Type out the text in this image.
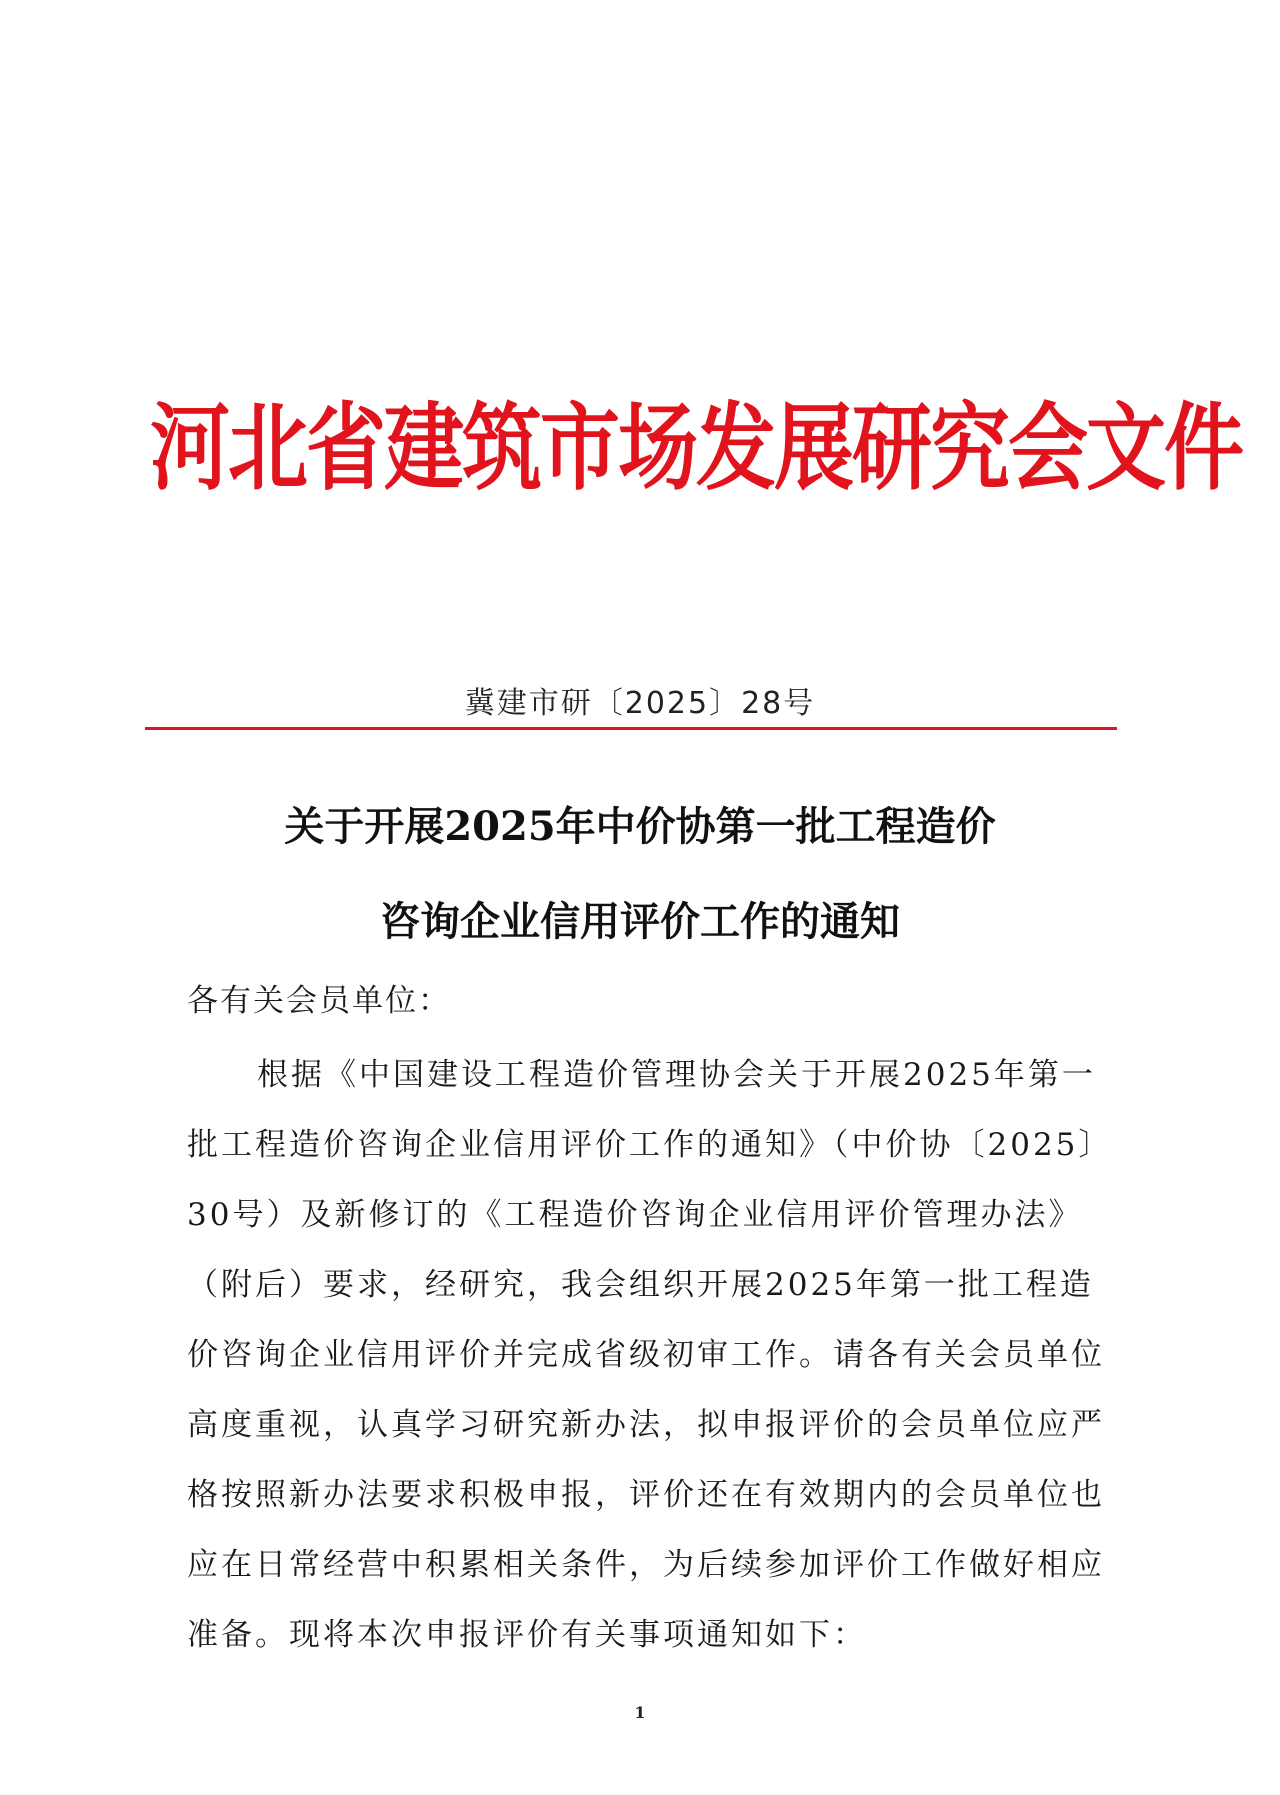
河北省建筑市场发展研究会文件
冀建市研〔2025〕28号
关于开展2025年中价协第一批工程造价
咨询企业信用评价工作的通知
各有关会员单位：
根据《中国建设工程造价管理协会关于开展2025年第一
批工程造价咨询企业信用评价工作的通知》（中价协〔2025〕
30号）及新修订的《工程造价咨询企业信用评价管理办法》
（附后）要求，经研究，我会组织开展2025年第一批工程造
价咨询企业信用评价并完成省级初审工作。请各有关会员单位
高度重视，认真学习研究新办法，拟申报评价的会员单位应严
格按照新办法要求积极申报，评价还在有效期内的会员单位也
应在日常经营中积累相关条件，为后续参加评价工作做好相应
准备。现将本次申报评价有关事项通知如下：
1
